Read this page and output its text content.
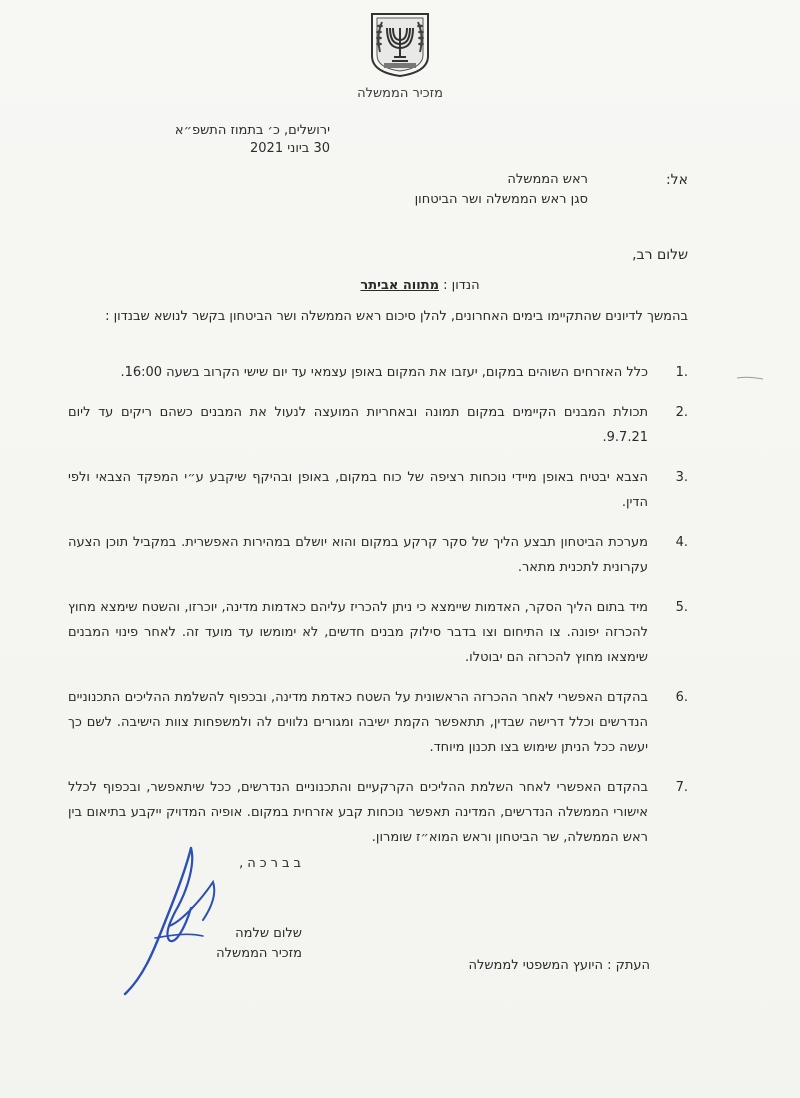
מזכיר הממשלה
ירושלים, כ׳ בתמוז התשפ״א
30 ביוני 2021
אל:
ראש הממשלה
סגן ראש הממשלה ושר הביטחון
שלום רב,
הנדון : מתווה אביתר
בהמשך לדיונים שהתקיימו בימים האחרונים, להלן סיכום ראש הממשלה ושר הביטחון בקשר לנושא שבנדון :
.1
כלל האזרחים השוהים במקום, יעזבו את המקום באופן עצמאי עד יום שישי הקרוב בשעה 16:00.
.2
תכולת המבנים הקיימים במקום תמונה ובאחריות המועצה לנעול את המבנים כשהם ריקים עד ליום 9.7.21.
.3
הצבא יבטיח באופן מיידי נוכחות רציפה של כוח במקום, באופן ובהיקף שיקבע ע״י המפקד הצבאי ולפי הדין.
.4
מערכת הביטחון תבצע הליך של סקר קרקע במקום והוא יושלם במהירות האפשרית. במקביל תוכן הצעה עקרונית לתכנית מתאר.
.5
מיד בתום הליך הסקר, האדמות שיימצא כי ניתן להכריז עליהם כאדמות מדינה, יוכרזו, והשטח שימצא מחוץ להכרזה יפונה. צו התיחום וצו בדבר סילוק מבנים חדשים, לא ימומשו עד מועד זה. לאחר פינוי המבנים שימצאו מחוץ להכרזה הם יבוטלו.
.6
בהקדם האפשרי לאחר ההכרזה הראשונית על השטח כאדמת מדינה, ובכפוף להשלמת ההליכים התכנוניים הנדרשים וכלל דרישה שבדין, תתאפשר הקמת ישיבה ומגורים נלווים לה ולמשפחות צוות הישיבה. לשם כך יעשה ככל הניתן שימוש בצו תכנון מיוחד.
.7
בהקדם האפשרי לאחר השלמת ההליכים הקרקעיים והתכנוניים הנדרשים, ככל שיתאפשר, ובכפוף לכלל אישורי הממשלה הנדרשים, המדינה תאפשר נוכחות קבע אזרחית במקום. אופיה המדויק ייקבע בתיאום בין ראש הממשלה, שר הביטחון וראש המוא״ז שומרון.
בברכה,
שלום שלמה
מזכיר הממשלה
העתק : היועץ המשפטי לממשלה
